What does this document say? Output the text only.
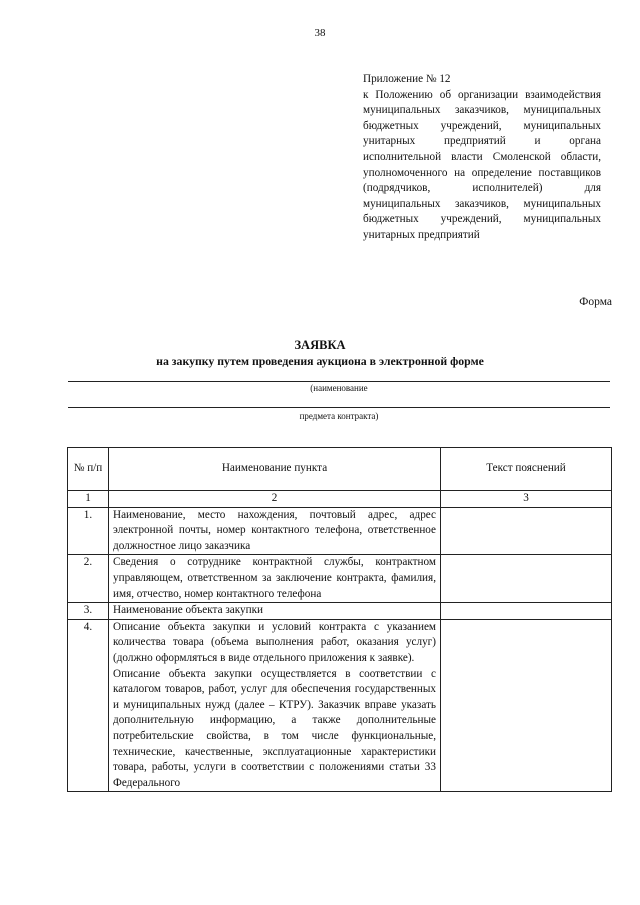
38
Приложение № 12
к Положению об организации взаимодействия муниципальных заказчиков, муниципальных бюджетных учреждений, муниципальных унитарных предприятий и органа исполнительной власти Смоленской области, уполномоченного на определение поставщиков (подрядчиков, исполнителей) для муниципальных заказчиков, муниципальных бюджетных учреждений, муниципальных унитарных предприятий
Форма
ЗАЯВКА
на закупку путем проведения аукциона в электронной форме
(наименование
предмета контракта)
№ п/п	Наименование пункта	Текст пояснений
1	2	3
1.	Наименование, место нахождения, почтовый адрес, адрес электронной почты, номер контактного телефона, ответственное должностное лицо заказчика	

2.	Сведения о сотруднике контрактной службы, контрактном управляющем, ответственном за заключение контракта, фамилия, имя, отчество, номер контактного телефона	

3.	Наименование объекта закупки	

4.	Описание объекта закупки и условий контракта с указанием количества товара (объема выполнения работ, оказания услуг) (должно оформляться в виде отдельного приложения к заявке).

Описание объекта закупки осуществляется в соответствии с каталогом товаров, работ, услуг для обеспечения государственных и муниципальных нужд (далее – КТРУ). Заказчик вправе указать дополнительную информацию, а также дополнительные потребительские свойства, в том числе функциональные, технические, качественные, эксплуатационные характеристики товара, работы, услуги в соответствии с положениями статьи 33 Федерального	
